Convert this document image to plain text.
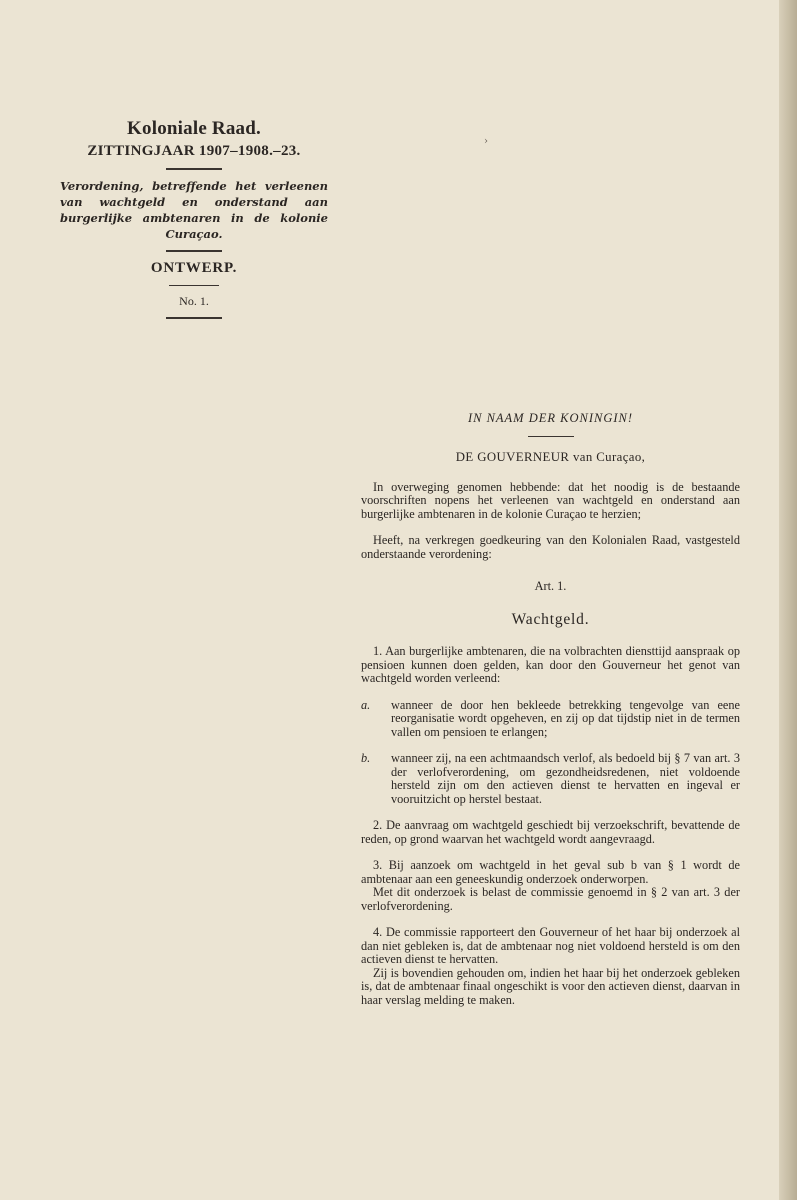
Koloniale Raad.

ZITTINGJAAR 1907–1908.–23.

Verordening, betreffende het verleenen van wachtgeld en onderstand aan burgerlijke ambtenaren in de kolonie Curaçao.

ONTWERP.

No. 1.

›

IN NAAM DER KONINGIN!

DE GOUVERNEUR van Curaçao,

In overweging genomen hebbende: dat het noodig is de bestaande voorschriften nopens het verleenen van wachtgeld en onderstand aan burgerlijke ambtenaren in de kolonie Curaçao te herzien;

Heeft, na verkregen goedkeuring van den Kolonialen Raad, vastgesteld onderstaande verordening:

Art. 1.

Wachtgeld.

1. Aan burgerlijke ambtenaren, die na volbrachten diensttijd aanspraak op pensioen kunnen doen gelden, kan door den Gouverneur het genot van wachtgeld worden verleend:

a.	wanneer de door hen bekleede betrekking tengevolge van eene reorganisatie wordt opgeheven, en zij op dat tijdstip niet in de termen vallen om pensioen te erlangen;
b.	wanneer zij, na een achtmaandsch verlof, als bedoeld bij § 7 van art. 3 der verlofverordening, om gezondheidsredenen, niet voldoende hersteld zijn om den actieven dienst te hervatten en ingeval er vooruitzicht op herstel bestaat.

2. De aanvraag om wachtgeld geschiedt bij verzoekschrift, bevattende de reden, op grond waarvan het wachtgeld wordt aangevraagd.

3. Bij aanzoek om wachtgeld in het geval sub b van § 1 wordt de ambtenaar aan een geneeskundig onderzoek onderworpen.

Met dit onderzoek is belast de commissie genoemd in § 2 van art. 3 der verlofverordening.

4. De commissie rapporteert den Gouverneur of het haar bij onderzoek al dan niet gebleken is, dat de ambtenaar nog niet voldoend hersteld is om den actieven dienst te hervatten.

Zij is bovendien gehouden om, indien het haar bij het onderzoek gebleken is, dat de ambtenaar finaal ongeschikt is voor den actieven dienst, daarvan in haar verslag melding te maken.
